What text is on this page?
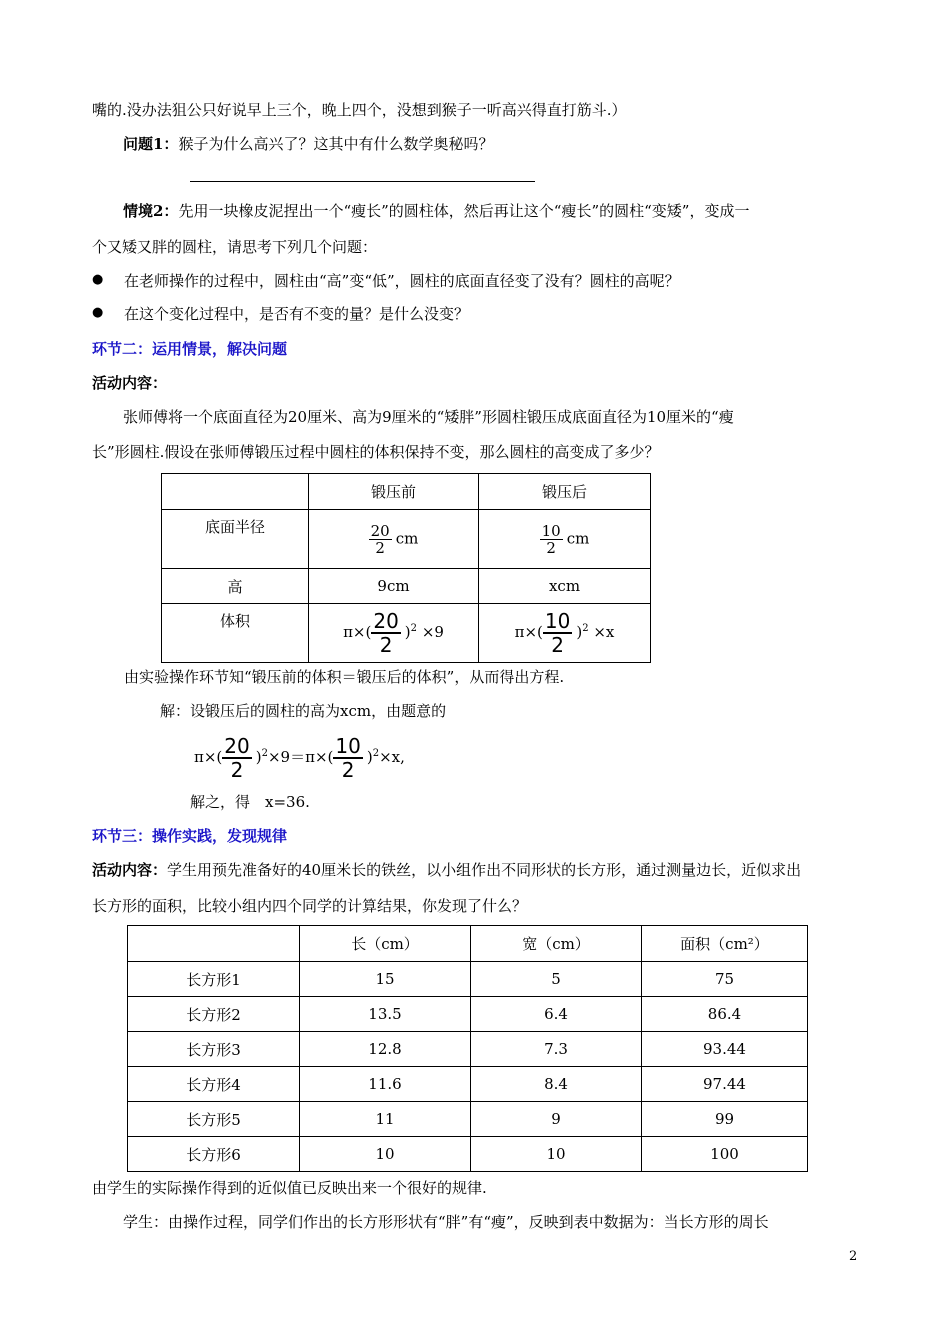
嘴的.没办法狙公只好说早上三个，晚上四个，没想到猴子一听高兴得直打筋斗.）
问题1：猴子为什么高兴了？这其中有什么数学奥秘吗？
情境2：先用一块橡皮泥捏出一个“瘦长”的圆柱体，然后再让这个“瘦长”的圆柱“变矮”，变成一
个又矮又胖的圆柱，请思考下列几个问题：
● 在老师操作的过程中，圆柱由“高”变“低”，圆柱的底面直径变了没有？圆柱的高呢？
● 在这个变化过程中，是否有不变的量？是什么没变？
环节二：运用情景，解决问题
活动内容：
张师傅将一个底面直径为20厘米、高为9厘米的“矮胖”形圆柱锻压成底面直径为10厘米的“瘦
长”形圆柱.假设在张师傅锻压过程中圆柱的体积保持不变，那么圆柱的高变成了多少？
	锻压前	锻压后
底面半径	$\frac{20}{2}$ cm	$\frac{10}{2}$ cm
高	9cm	xcm
体积	$\pi\times( \frac{20}{2} )^2 \times 9$	$\pi\times( \frac{10}{2} )^2 \times x$
由实验操作环节知“锻压前的体积＝锻压后的体积”，从而得出方程.
解：设锻压后的圆柱的高为xcm，由题意的
$\pi\times( \frac{20}{2} )^2\times 9=\pi\times( \frac{10}{2} )^2\times x$,
解之，得　x=36.
环节三：操作实践，发现规律
活动内容：学生用预先准备好的40厘米长的铁丝，以小组作出不同形状的长方形，通过测量边长，近似求出
长方形的面积，比较小组内四个同学的计算结果，你发现了什么？
	长（cm）	宽（cm）	面积（cm²）
长方形1	15	5	75
长方形2	13.5	6.4	86.4
长方形3	12.8	7.3	93.44
长方形4	11.6	8.4	97.44
长方形5	11	9	99
长方形6	10	10	100
由学生的实际操作得到的近似值已反映出来一个很好的规律.
学生：由操作过程，同学们作出的长方形形状有“胖”有“瘦”，反映到表中数据为：当长方形的周长
2
